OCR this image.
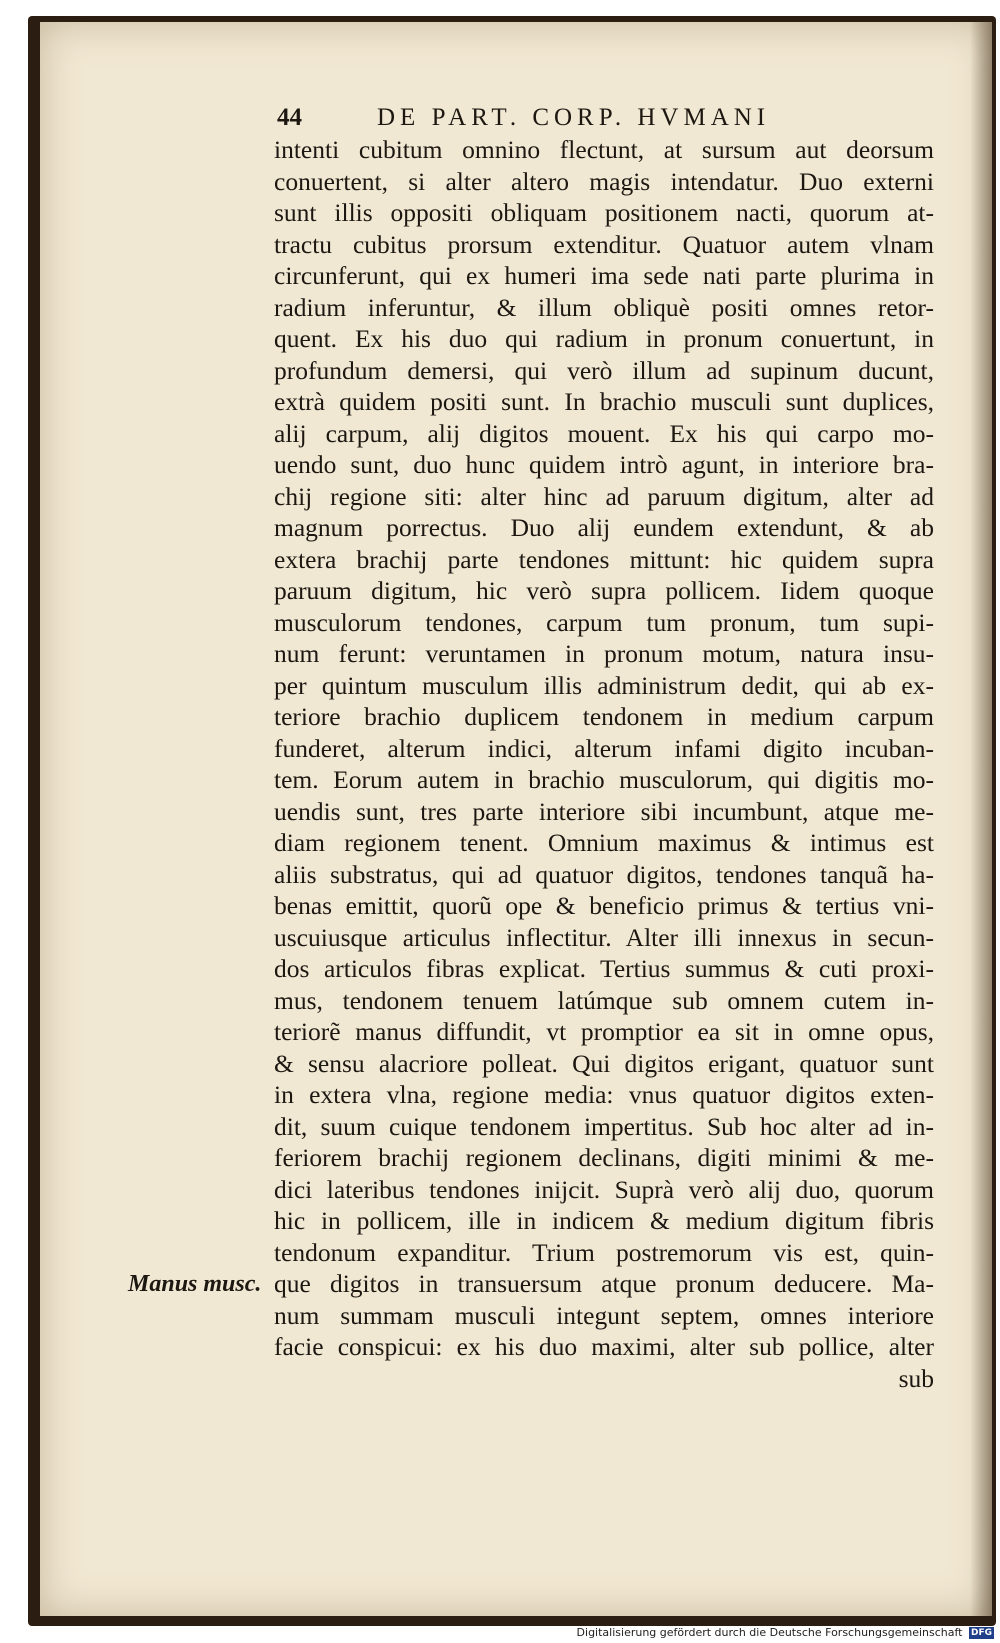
44	DE PART. CORP. HVMANI
intenti cubitum omnino flectunt, at sursum aut deorsum
conuertent, si alter altero magis intendatur. Duo externi
sunt illis oppositi obliquam positionem nacti, quorum at-
tractu cubitus prorsum extenditur. Quatuor autem vlnam
circunferunt, qui ex humeri ima sede nati parte plurima in
radium inferuntur, & illum obliquè positi omnes retor-
quent. Ex his duo qui radium in pronum conuertunt, in
profundum demersi, qui verò illum ad supinum ducunt,
extrà quidem positi sunt. In brachio musculi sunt duplices,
alij carpum, alij digitos mouent. Ex his qui carpo mo-
uendo sunt, duo hunc quidem intrò agunt, in interiore bra-
chij regione siti: alter hinc ad paruum digitum, alter ad
magnum porrectus. Duo alij eundem extendunt, & ab
extera brachij parte tendones mittunt: hic quidem supra
paruum digitum, hic verò supra pollicem. Iidem quoque
musculorum tendones, carpum tum pronum, tum supi-
num ferunt: veruntamen in pronum motum, natura insu-
per quintum musculum illis administrum dedit, qui ab ex-
teriore brachio duplicem tendonem in medium carpum
funderet, alterum indici, alterum infami digito incuban-
tem. Eorum autem in brachio musculorum, qui digitis mo-
uendis sunt, tres parte interiore sibi incumbunt, atque me-
diam regionem tenent. Omnium maximus & intimus est
aliis substratus, qui ad quatuor digitos, tendones tanquã ha-
benas emittit, quorũ ope & beneficio primus & tertius vni-
uscuiusque articulus inflectitur. Alter illi innexus in secun-
dos articulos fibras explicat. Tertius summus & cuti proxi-
mus, tendonem tenuem latúmque sub omnem cutem in-
teriorẽ manus diffundit, vt promptior ea sit in omne opus,
& sensu alacriore polleat. Qui digitos erigant, quatuor sunt
in extera vlna, regione media: vnus quatuor digitos exten-
dit, suum cuique tendonem impertitus. Sub hoc alter ad in-
feriorem brachij regionem declinans, digiti minimi & me-
dici lateribus tendones inijcit. Suprà verò alij duo, quorum
hic in pollicem, ille in indicem & medium digitum fibris
tendonum expanditur. Trium postremorum vis est, quin-
que digitos in transuersum atque pronum deducere. Ma-
num summam musculi integunt septem, omnes interiore
facie conspicui: ex his duo maximi, alter sub pollice, alter
sub
Manus musc.
Digitalisierung gefördert durch die Deutsche Forschungsgemeinschaft DFG
